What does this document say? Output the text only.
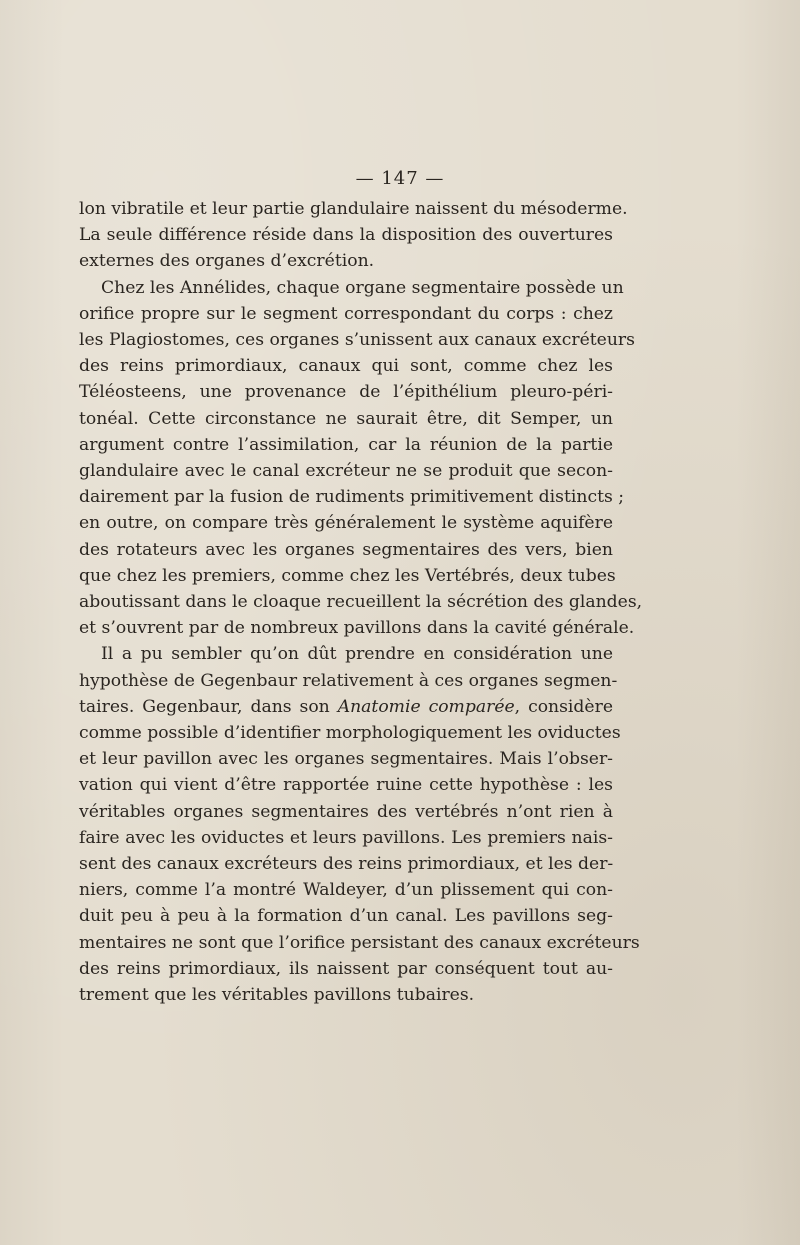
— 147 —
lon vibratile et leur partie glandulaire naissent du mésoderme.
La seule différence réside dans la disposition des ouvertures
externes des organes d’excrétion.
Chez les Annélides, chaque organe segmentaire possède un
orifice propre sur le segment correspondant du corps : chez
les Plagiostomes, ces organes s’unissent aux canaux excréteurs
des reins primordiaux, canaux qui sont, comme chez les
Téléosteens, une provenance de l’épithélium pleuro-péri-
tonéal. Cette circonstance ne saurait être, dit Semper, un
argument contre l’assimilation, car la réunion de la partie
glandulaire avec le canal excréteur ne se produit que secon-
dairement par la fusion de rudiments primitivement distincts ;
en outre, on compare très généralement le système aquifère
des rotateurs avec les organes segmentaires des vers, bien
que chez les premiers, comme chez les Vertébrés, deux tubes
aboutissant dans le cloaque recueillent la sécrétion des glandes,
et s’ouvrent par de nombreux pavillons dans la cavité générale.
Il a pu sembler qu’on dût prendre en considération une
hypothèse de Gegenbaur relativement à ces organes segmen-
taires. Gegenbaur, dans son Anatomie comparée, considère
comme possible d’identifier morphologiquement les oviductes
et leur pavillon avec les organes segmentaires. Mais l’obser-
vation qui vient d’être rapportée ruine cette hypothèse : les
véritables organes segmentaires des vertébrés n’ont rien à
faire avec les oviductes et leurs pavillons. Les premiers nais-
sent des canaux excréteurs des reins primordiaux, et les der-
niers, comme l’a montré Waldeyer, d’un plissement qui con-
duit peu à peu à la formation d’un canal. Les pavillons seg-
mentaires ne sont que l’orifice persistant des canaux excréteurs
des reins primordiaux, ils naissent par conséquent tout au-
trement que les véritables pavillons tubaires.
